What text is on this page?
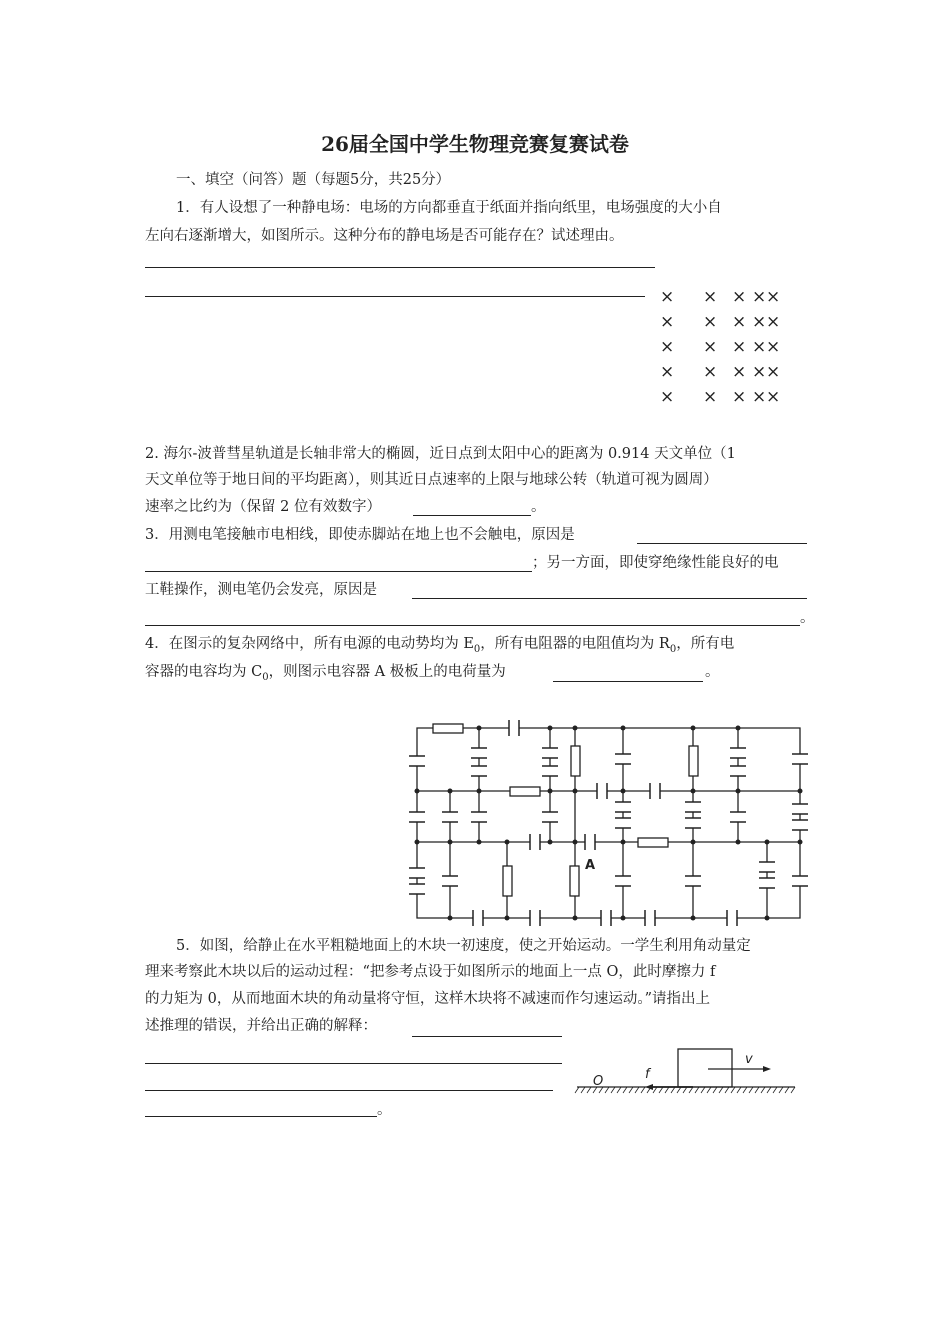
26届全国中学生物理竞赛复赛试卷
一、填空（问答）题（每题5分，共25分）
1．有人设想了一种静电场：电场的方向都垂直于纸面并指向纸里，电场强度的大小自
左向右逐渐增大，如图所示。这种分布的静电场是否可能存在？试述理由。
× × × × ×
× × × × ×
× × × × ×
× × × × ×
× × × × ×
2. 海尔-波普彗星轨道是长轴非常大的椭圆，近日点到太阳中心的距离为 0.914 天文单位（1
天文单位等于地日间的平均距离），则其近日点速率的上限与地球公转（轨道可视为圆周）
速率之比约为（保留 2 位有效数字）	。
3．用测电笔接触市电相线，即使赤脚站在地上也不会触电，原因是
；另一方面，即使穿绝缘性能良好的电
工鞋操作，测电笔仍会发亮，原因是
。
4．在图示的复杂网络中，所有电源的电动势均为 $E_0$，所有电阻器的电阻值均为 $R_0$，所有电
容器的电容均为 $C_0$，则图示电容器 A 极板上的电荷量为	。
A
5．如图，给静止在水平粗糙地面上的木块一初速度，使之开始运动。一学生利用角动量定
理来考察此木块以后的运动过程：“把参考点设于如图所示的地面上一点 O，此时摩擦力 f
的力矩为 0，从而地面木块的角动量将守恒，这样木块将不减速而作匀速运动。”请指出上
述推理的错误，并给出正确的解释：
。
O	f
v
